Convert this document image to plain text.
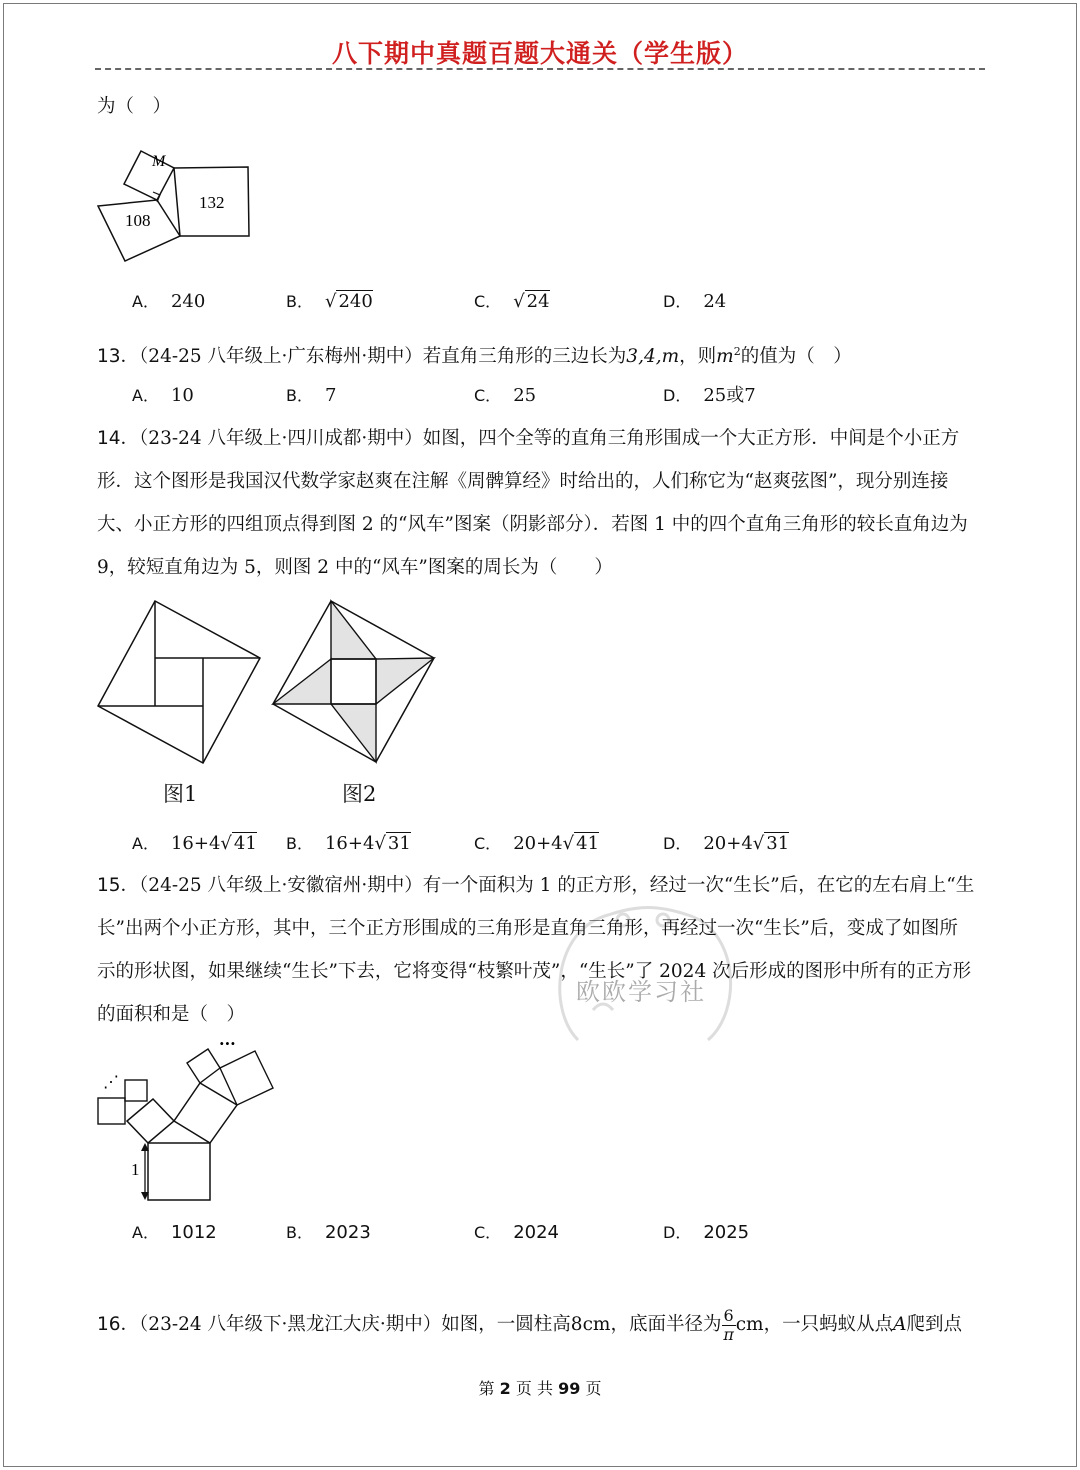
八下期中真题百题大通关（学生版）
为（　）
M
132
108
A． 240	B． √ 240	C． √ 24	D． 24
13．（24-25 八年级上·广东梅州·期中）若直角三角形的三边长为3,4,m，则$m^2$的值为（　）
A． 10	B． 7	C． 25	D． 25或7
14．（23-24 八年级上·四川成都·期中）如图，四个全等的直角三角形围成一个大正方形．中间是个小正方
形．这个图形是我国汉代数学家赵爽在注解《周髀算经》时给出的，人们称它为“赵爽弦图”，现分别连接
大、小正方形的四组顶点得到图 2 的“风车”图案（阴影部分）．若图 1 中的四个直角三角形的较长直角边为
9，较短直角边为 5，则图 2 中的“风车”图案的周长为（　　）
图1	图2
A． 16+4√ 41 B． 16+4√ 31	C． 20+4√ 41	D． 20+4√ 31
欧欧学习社
15．（24-25 八年级上·安徽宿州·期中）有一个面积为 1 的正方形，经过一次“生长”后，在它的左右肩上“生
长”出两个小正方形，其中，三个正方形围成的三角形是直角三角形，再经过一次“生长”后，变成了如图所
示的形状图，如果继续“生长”下去，它将变得“枝繁叶茂”，“生长”了 2024 次后形成的图形中所有的正方形
的面积和是（　）
1
⋰
···
A． 1012	B． 2023	C． 2024	D． 2025
16．（23-24 八年级下·黑龙江大庆·期中）如图，一圆柱高8cm，底面半径为 $\frac{6}{\pi}$ cm，一只蚂蚁从点A爬到点
第 2 页 共 99 页
